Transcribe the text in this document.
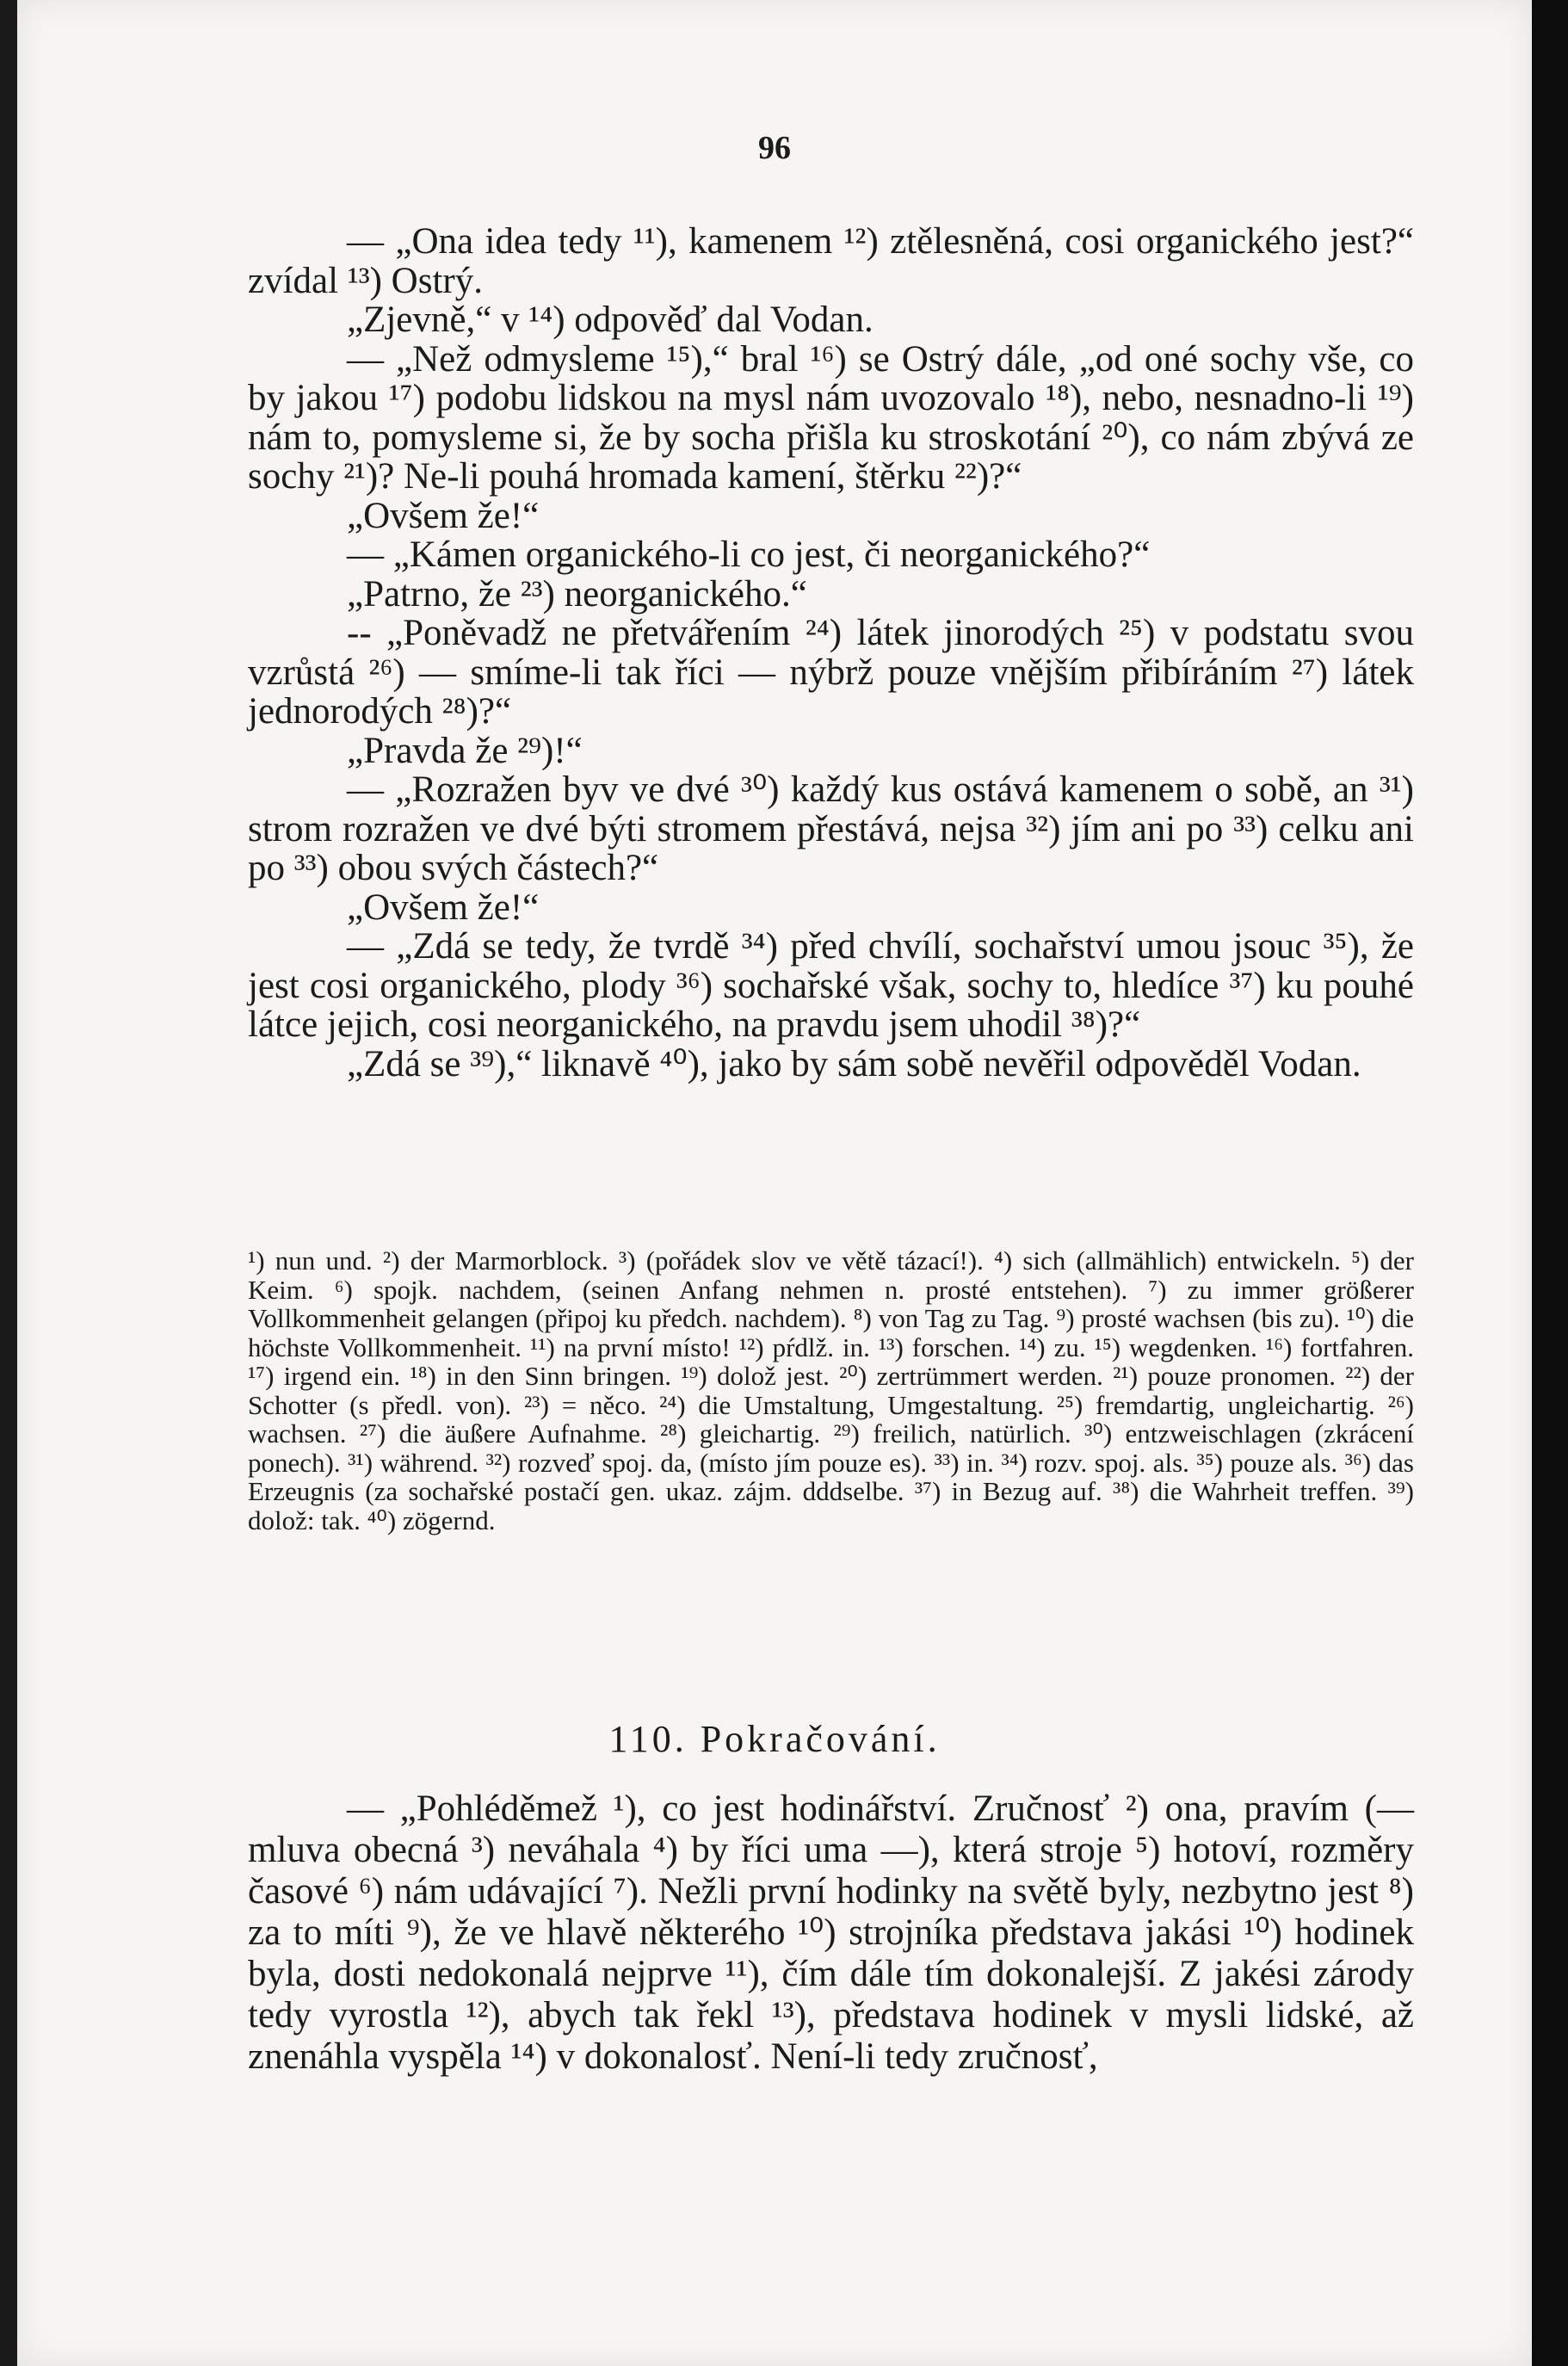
96

— „Ona idea tedy ¹¹), kamenem ¹²) ztělesněná, cosi organického jest?“ zvídal ¹³) Ostrý.

„Zjevně,“ v ¹⁴) odpověď dal Vodan.

— „Než odmysleme ¹⁵),“ bral ¹⁶) se Ostrý dále, „od oné sochy vše, co by jakou ¹⁷) podobu lidskou na mysl nám uvozovalo ¹⁸), nebo, nesnadno-li ¹⁹) nám to, pomysleme si, že by socha přišla ku stroskotání ²⁰), co nám zbývá ze sochy ²¹)? Ne-li pouhá hromada kamení, štěrku ²²)?“

„Ovšem že!“

— „Kámen organického-li co jest, či neorganického?“

„Patrno, že ²³) neorganického.“

-- „Poněvadž ne přetvářením ²⁴) látek jinorodých ²⁵) v podstatu svou vzrůstá ²⁶) — smíme-li tak říci — nýbrž pouze vnějším přibíráním ²⁷) látek jednorodých ²⁸)?“

„Pravda že ²⁹)!“

— „Rozražen byv ve dvé ³⁰) každý kus ostává kamenem o sobě, an ³¹) strom rozražen ve dvé býti stromem přestává, nejsa ³²) jím ani po ³³) celku ani po ³³) obou svých částech?“

„Ovšem že!“

— „Zdá se tedy, že tvrdě ³⁴) před chvílí, sochařství umou jsouc ³⁵), že jest cosi organického, plody ³⁶) sochařské však, sochy to, hledíce ³⁷) ku pouhé látce jejich, cosi neorganického, na pravdu jsem uhodil ³⁸)?“

„Zdá se ³⁹),“ liknavě ⁴⁰), jako by sám sobě nevěřil odpověděl Vodan.

¹) nun und. ²) der Marmorblock. ³) (pořádek slov ve větě tázací!). ⁴) sich (allmählich) entwickeln. ⁵) der Keim. ⁶) spojk. nachdem, (seinen Anfang nehmen n. prosté entstehen). ⁷) zu immer größerer Vollkommenheit gelangen (připoj ku předch. nachdem). ⁸) von Tag zu Tag. ⁹) prosté wachsen (bis zu). ¹⁰) die höchste Vollkommenheit. ¹¹) na první místo! ¹²) pŕdlž. in. ¹³) forschen. ¹⁴) zu. ¹⁵) wegdenken. ¹⁶) fortfahren. ¹⁷) irgend ein. ¹⁸) in den Sinn bringen. ¹⁹) dolož jest. ²⁰) zertrümmert werden. ²¹) pouze pronomen. ²²) der Schotter (s předl. von). ²³) = něco. ²⁴) die Umstaltung, Umgestaltung. ²⁵) fremdartig, ungleichartig. ²⁶) wachsen. ²⁷) die äußere Aufnahme. ²⁸) gleichartig. ²⁹) freilich, natürlich. ³⁰) entzweischlagen (zkrácení ponech). ³¹) während. ³²) rozveď spoj. da, (místo jím pouze es). ³³) in. ³⁴) rozv. spoj. als. ³⁵) pouze als. ³⁶) das Erzeugnis (za sochařské postačí gen. ukaz. zájm. dddselbe. ³⁷) in Bezug auf. ³⁸) die Wahrheit treffen. ³⁹) dolož: tak. ⁴⁰) zögernd.

110. Pokračování.

— „Pohléděmež ¹), co jest hodinářství. Zručnosť ²) ona, pravím (— mluva obecná ³) neváhala ⁴) by říci uma —), která stroje ⁵) hotoví, rozměry časové ⁶) nám udávající ⁷). Nežli první hodinky na světě byly, nezbytno jest ⁸) za to míti ⁹), že ve hlavě některého ¹⁰) strojníka představa jakási ¹⁰) hodinek byla, dosti nedokonalá nejprve ¹¹), čím dále tím dokonalejší. Z jakési zárody tedy vyrostla ¹²), abych tak řekl ¹³), představa hodinek v mysli lidské, až znenáhla vyspěla ¹⁴) v dokonalosť. Není-li tedy zručnosť,
